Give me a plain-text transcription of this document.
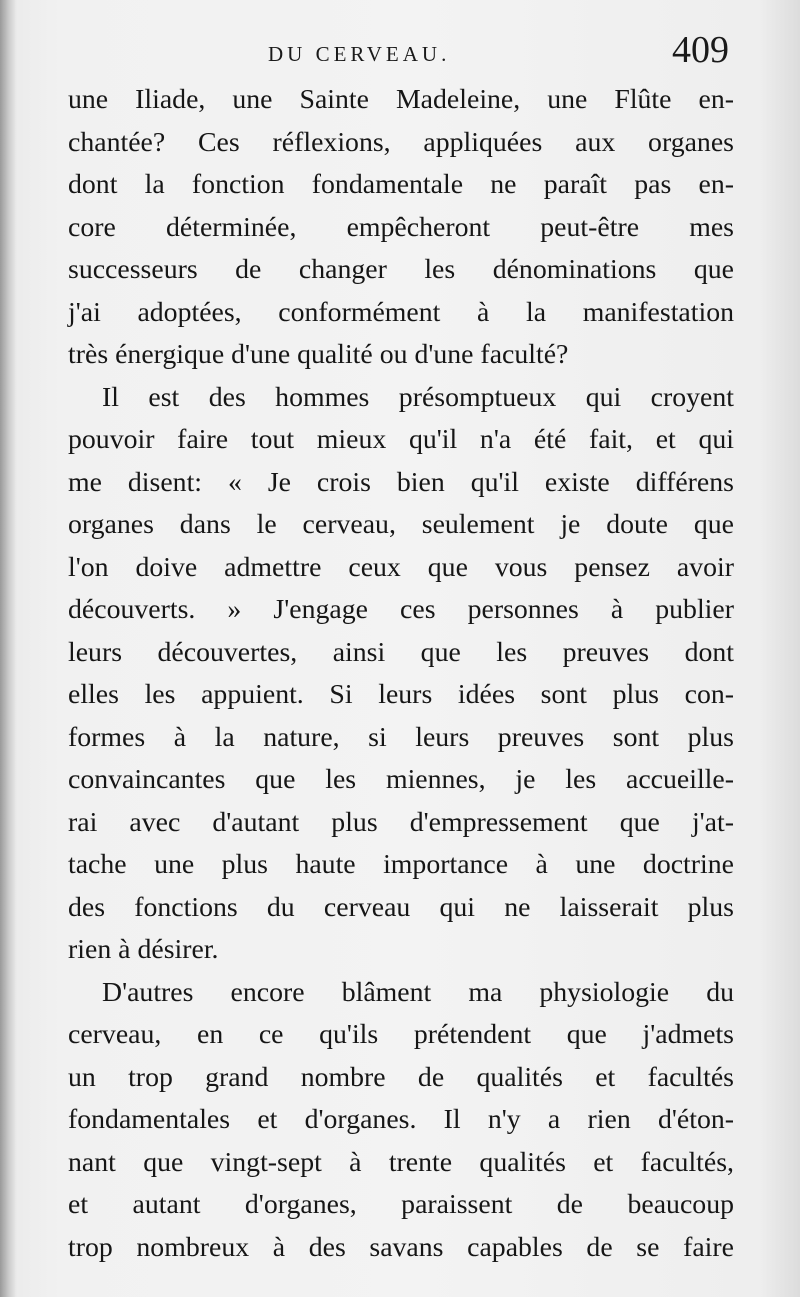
DU CERVEAU.	409
une Iliade, une Sainte Madeleine, une Flûte en-
chantée? Ces réflexions, appliquées aux organes
dont la fonction fondamentale ne paraît pas en-
core déterminée, empêcheront peut-être mes
successeurs de changer les dénominations que
j'ai adoptées, conformément à la manifestation
très énergique d'une qualité ou d'une faculté?
Il est des hommes présomptueux qui croyent
pouvoir faire tout mieux qu'il n'a été fait, et qui
me disent: « Je crois bien qu'il existe différens
organes dans le cerveau, seulement je doute que
l'on doive admettre ceux que vous pensez avoir
découverts. » J'engage ces personnes à publier
leurs découvertes, ainsi que les preuves dont
elles les appuient. Si leurs idées sont plus con-
formes à la nature, si leurs preuves sont plus
convaincantes que les miennes, je les accueille-
rai avec d'autant plus d'empressement que j'at-
tache une plus haute importance à une doctrine
des fonctions du cerveau qui ne laisserait plus
rien à désirer.
D'autres encore blâment ma physiologie du
cerveau, en ce qu'ils prétendent que j'admets
un trop grand nombre de qualités et facultés
fondamentales et d'organes. Il n'y a rien d'éton-
nant que vingt-sept à trente qualités et facultés,
et autant d'organes, paraissent de beaucoup
trop nombreux à des savans capables de se faire
